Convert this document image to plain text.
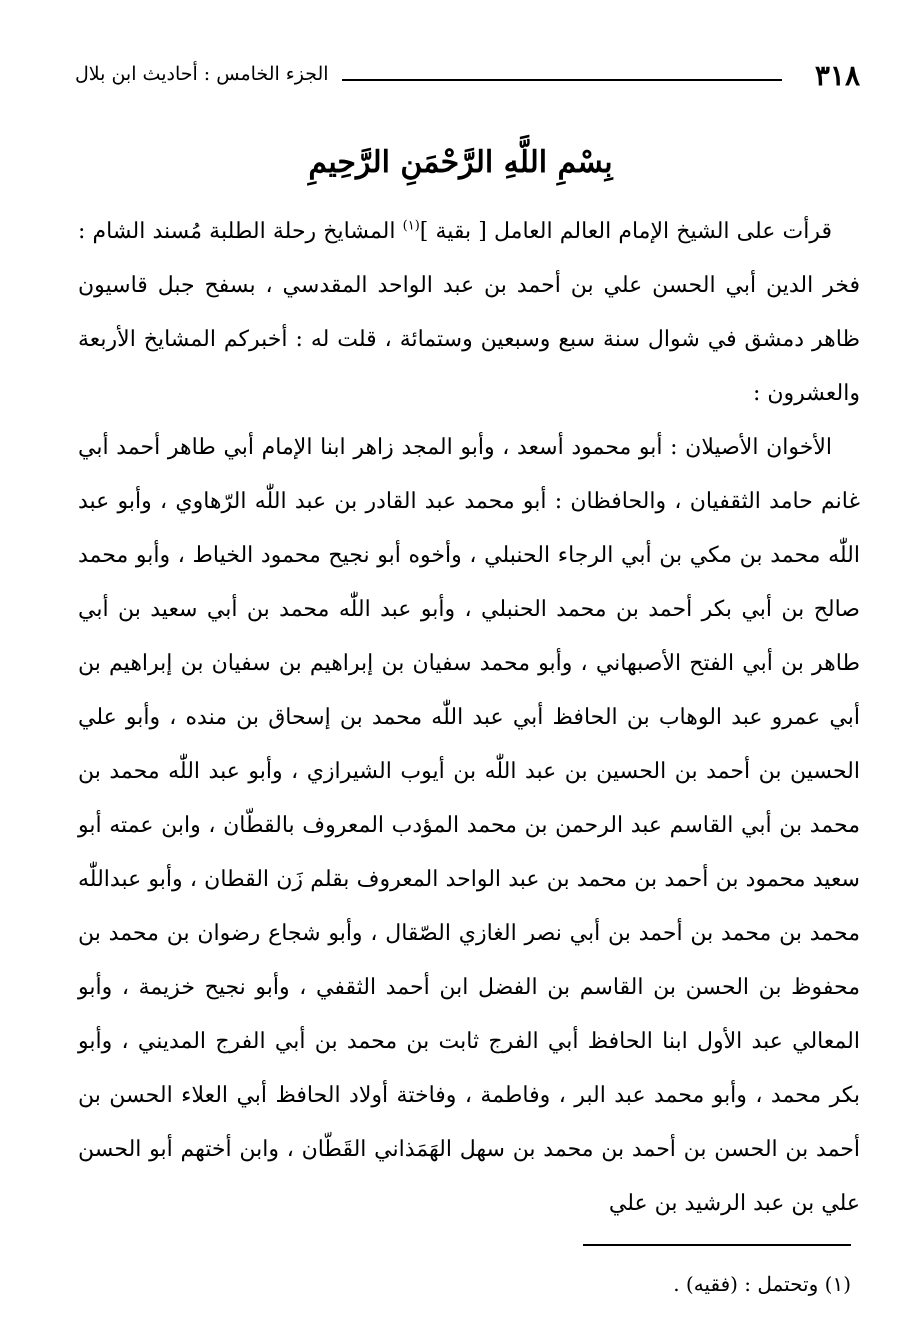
٣١٨
الجزء الخامس : أحاديث ابن بلال
بِسْمِ اللَّهِ الرَّحْمَنِ الرَّحِيمِ

قرأت على الشيخ الإمام العالم العامل [ بقية ]$^{(١)}$ المشايخ رحلة الطلبة مُسند الشام : فخر الدين أبي الحسن علي بن أحمد بن عبد الواحد المقدسي ، بسفح جبل قاسيون ظاهر دمشق في شوال سنة سبع وسبعين وستمائة ، قلت له : أخبركم المشايخ الأربعة والعشرون :

الأخوان الأصيلان : أبو محمود أسعد ، وأبو المجد زاهر ابنا الإمام أبي طاهر أحمد أبي غانم حامد الثقفيان ، والحافظان : أبو محمد عبد القادر بن عبد اللّٰه الرّهاوي ، وأبو عبد اللّٰه محمد بن مكي بن أبي الرجاء الحنبلي ، وأخوه أبو نجيح محمود الخياط ، وأبو محمد صالح بن أبي بكر أحمد بن محمد الحنبلي ، وأبو عبد اللّٰه محمد بن أبي سعيد بن أبي طاهر بن أبي الفتح الأصبهاني ، وأبو محمد سفيان بن إبراهيم بن سفيان بن إبراهيم بن أبي عمرو عبد الوهاب بن الحافظ أبي عبد اللّٰه محمد بن إسحاق بن منده ، وأبو علي الحسين بن أحمد بن الحسين بن عبد اللّٰه بن أيوب الشيرازي ، وأبو عبد اللّٰه محمد بن محمد بن أبي القاسم عبد الرحمن بن محمد المؤدب المعروف بالقطّان ، وابن عمته أبو سعيد محمود بن أحمد بن محمد بن عبد الواحد المعروف بقلم زَن القطان ، وأبو عبداللّٰه محمد بن محمد بن أحمد بن أبي نصر الغازي الصّقال ، وأبو شجاع رضوان بن محمد بن محفوظ بن الحسن بن القاسم بن الفضل ابن أحمد الثقفي ، وأبو نجيح خزيمة ، وأبو المعالي عبد الأول ابنا الحافظ أبي الفرج ثابت بن محمد بن أبي الفرج المديني ، وأبو بكر محمد ، وأبو محمد عبد البر ، وفاطمة ، وفاختة أولاد الحافظ أبي العلاء الحسن بن أحمد بن الحسن بن أحمد بن محمد بن سهل الهَمَذاني القَطّان ، وابن أختهم أبو الحسن علي بن عبد الرشيد بن علي

(١) وتحتمل : (فقيه) .
